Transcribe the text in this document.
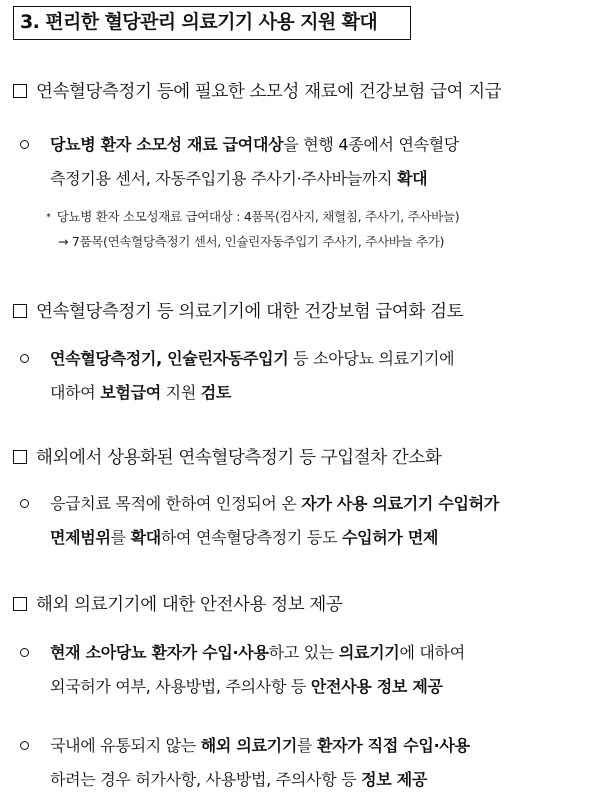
3. 편리한 혈당관리 의료기기 사용 지원 확대
연속혈당측정기 등에 필요한 소모성 재료에 건강보험 급여 지급
당뇨병 환자 소모성 재료 급여대상을 현행 4종에서 연속혈당
측정기용 센서, 자동주입기용 주사기·주사바늘까지 확대
* 당뇨병 환자 소모성재료 급여대상 : 4품목(검사지, 채혈침, 주사기, 주사바늘)
→ 7품목(연속혈당측정기 센서, 인슐린자동주입기 주사기, 주사바늘 추가)
연속혈당측정기 등 의료기기에 대한 건강보험 급여화 검토
연속혈당측정기, 인슐린자동주입기 등 소아당뇨 의료기기에
대하여 보험급여 지원 검토
해외에서 상용화된 연속혈당측정기 등 구입절차 간소화
응급치료 목적에 한하여 인정되어 온 자가 사용 의료기기 수입허가
면제범위를 확대하여 연속혈당측정기 등도 수입허가 면제
해외 의료기기에 대한 안전사용 정보 제공
현재 소아당뇨 환자가 수입·사용하고 있는 의료기기에 대하여
외국허가 여부, 사용방법, 주의사항 등 안전사용 정보 제공
국내에 유통되지 않는 해외 의료기기를 환자가 직접 수입·사용
하려는 경우 허가사항, 사용방법, 주의사항 등 정보 제공
